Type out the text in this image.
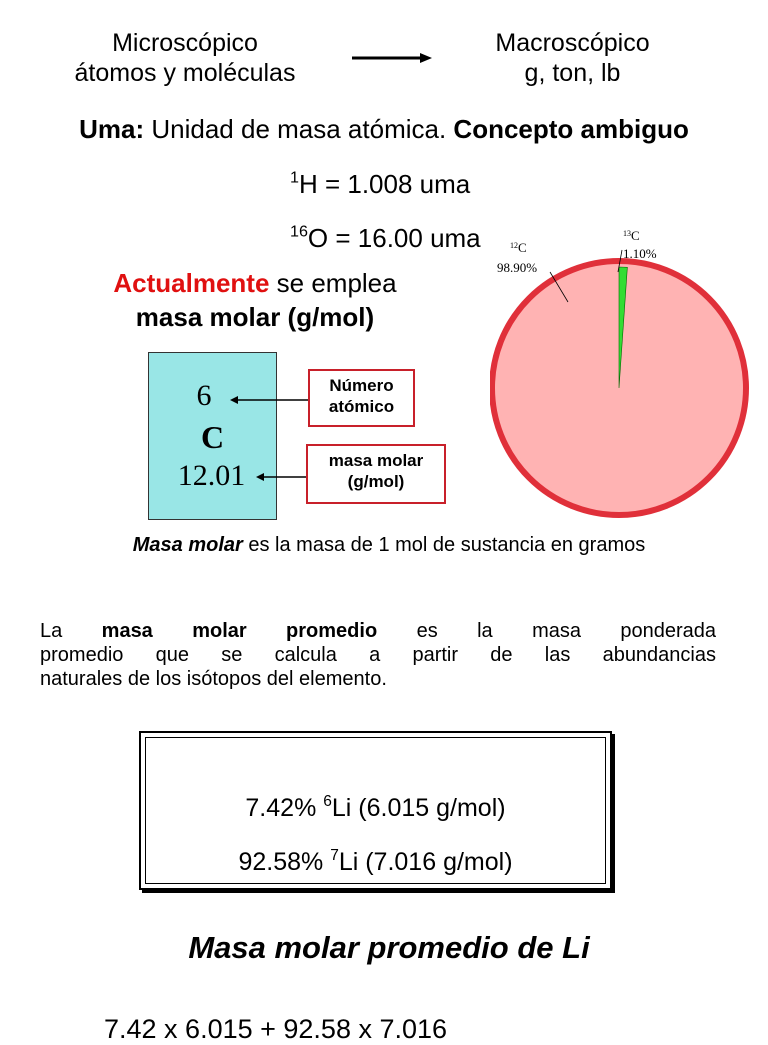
Microscópico
átomos y moléculas
Macroscópico
g, ton, lb
Uma: Unidad de masa atómica. Concepto ambiguo
$^1$H = 1.008 uma
$^{16}$O = 16.00 uma
Actualmente se emplea
masa molar (g/mol)
6
C
12.01
Número
atómico
masa molar
(g/mol)
$^{12}$C
98.90%
$^{13}$C
1.10%
Masa molar es la masa de 1 mol de sustancia en gramos
La masa molar promedio es la masa ponderada
promedio que se calcula a partir de las abundancias
naturales de los isótopos del elemento.
7.42% $^6$Li (6.015 g/mol)
92.58% $^7$Li (7.016 g/mol)
Masa molar promedio de Li
7.42 x 6.015 + 92.58 x 7.016
